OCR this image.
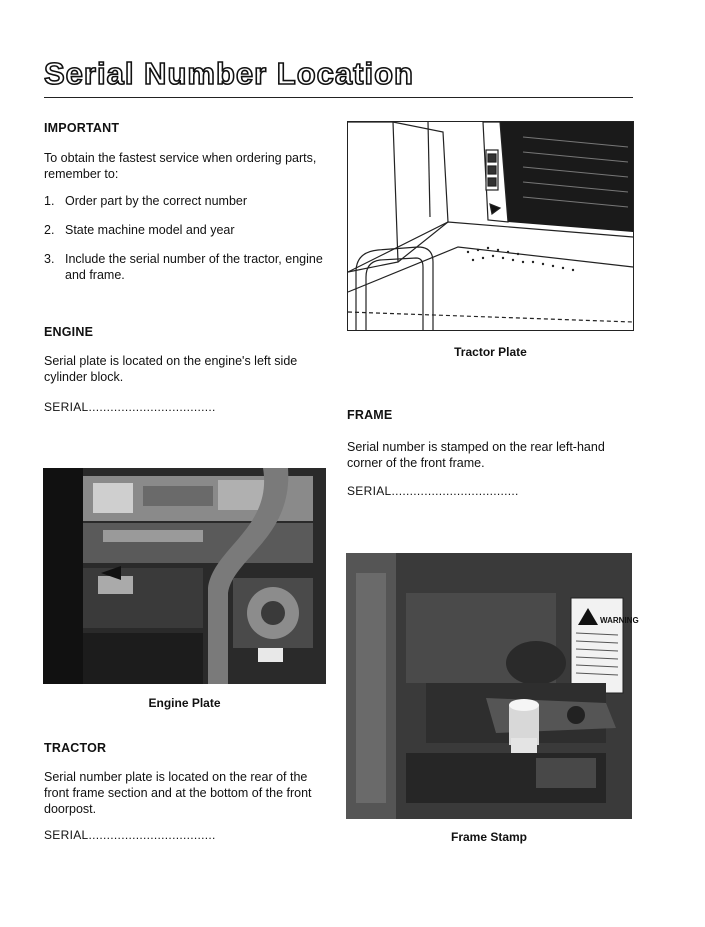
Serial Number Location
IMPORTANT
To obtain the fastest service when ordering parts, remember to:
1. Order part by the correct number
2. State machine model and year
3. Include the serial number of the tractor, engine and frame.
ENGINE
Serial plate is located on the engine's left side cylinder block.
SERIAL...................................
Engine Plate
TRACTOR
Serial number plate is located on the rear of the front frame section and at the bottom of the front doorpost.
SERIAL...................................
Tractor Plate
FRAME
Serial number is stamped on the rear left-hand corner of the front frame.
SERIAL...................................
WARNING
Frame Stamp
